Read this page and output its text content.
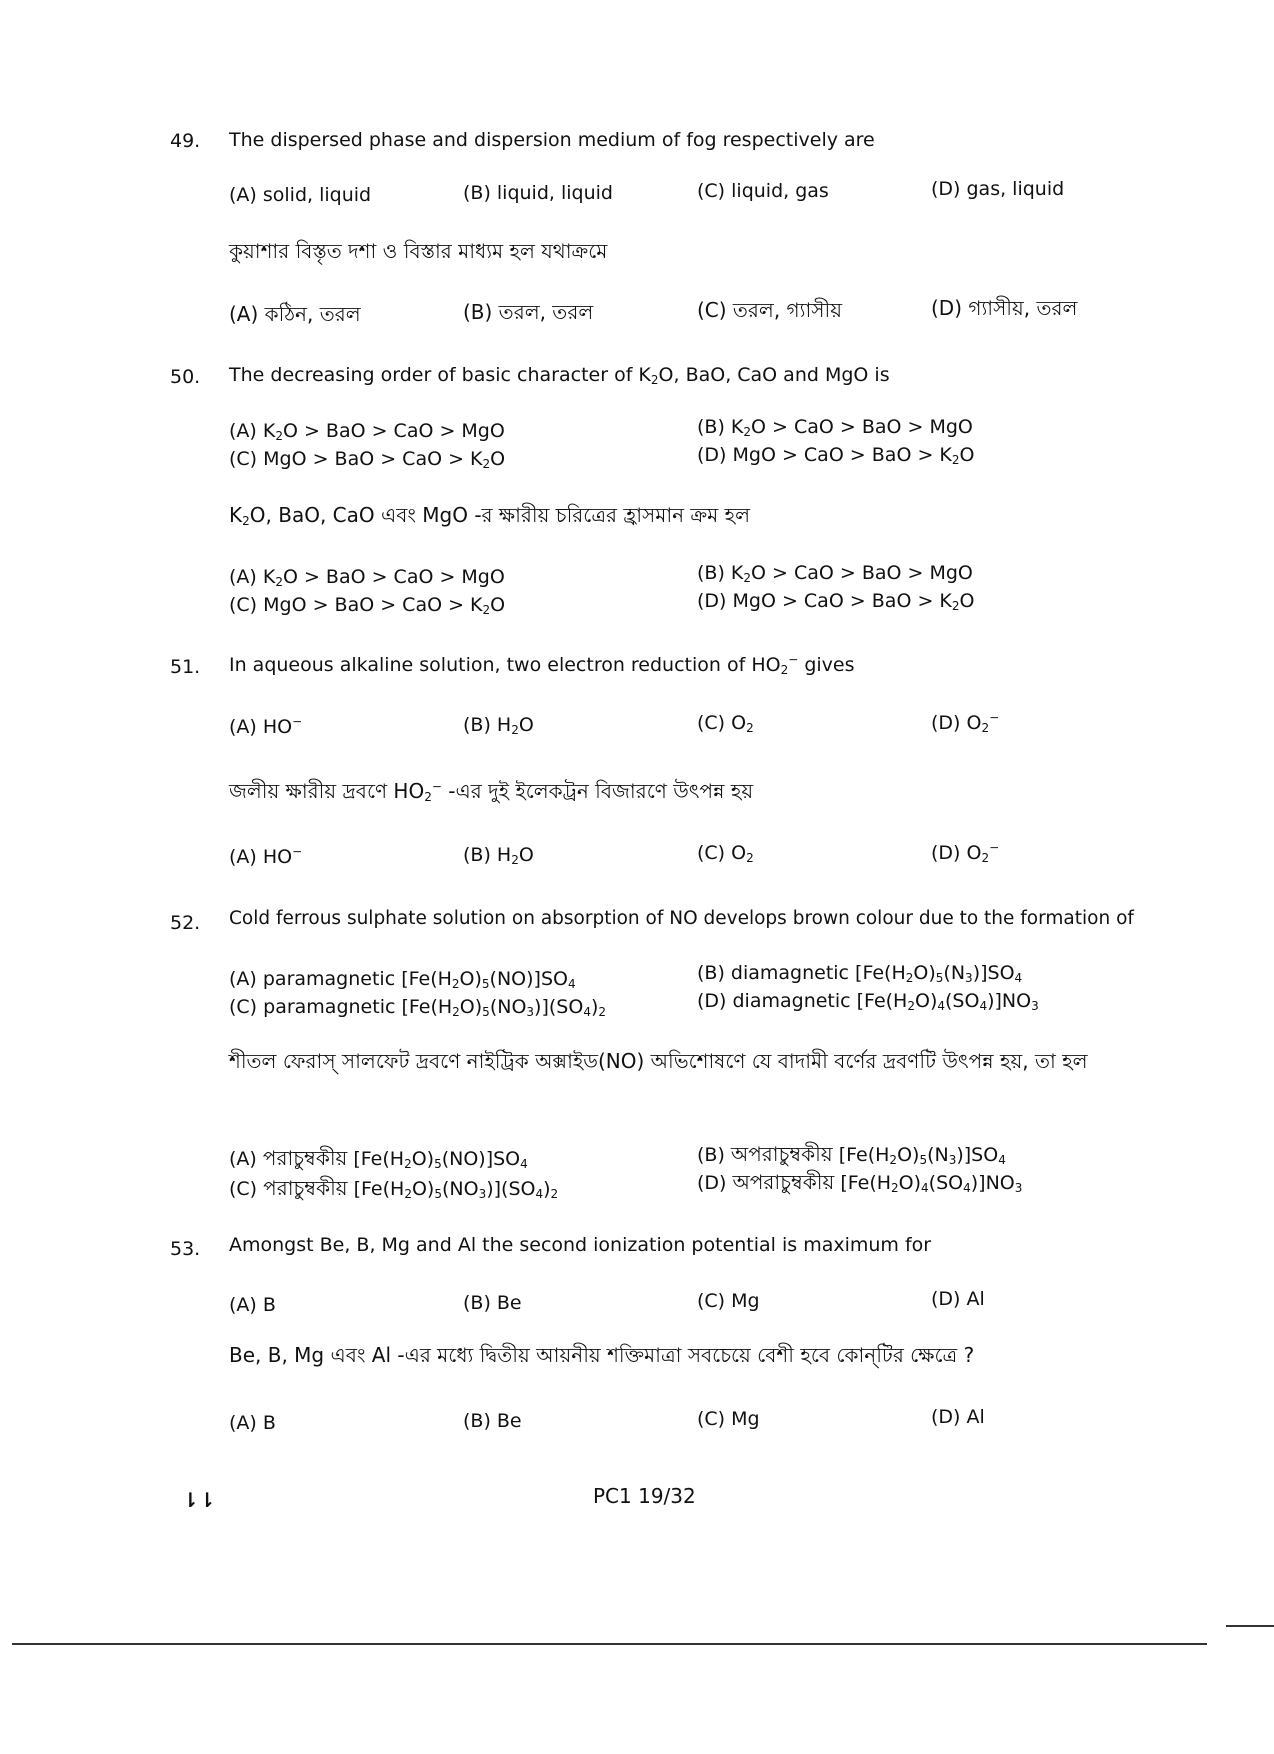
49. The dispersed phase and dispersion medium of fog respectively are
(A) solid, liquid	(B) liquid, liquid	(C) liquid, gas	(D) gas, liquid
কুয়াশার বিস্তৃত দশা ও বিস্তার মাধ্যম হল যথাক্রমে
(A) কঠিন, তরল	(B) তরল, তরল	(C) তরল, গ্যাসীয়	(D) গ্যাসীয়, তরল
50. The decreasing order of basic character of $K_2O$, BaO, CaO and MgO is
(A) $K_2O$ > BaO > CaO > MgO	(B) $K_2O$ > CaO > BaO > MgO
(C) MgO > BaO > CaO > $K_2O$	(D) MgO > CaO > BaO > $K_2O$
$K_2O$, BaO, CaO এবং MgO -র ক্ষারীয় চরিত্রের হ্রাসমান ক্রম হল
(A) $K_2O$ > BaO > CaO > MgO	(B) $K_2O$ > CaO > BaO > MgO
(C) MgO > BaO > CaO > $K_2O$	(D) MgO > CaO > BaO > $K_2O$
51. In aqueous alkaline solution, two electron reduction of $HO_2^-$ gives
(A) HO−	(B) $H_2O$	(C) $O_2$	(D) $O_2^-$
জলীয় ক্ষারীয় দ্রবণে $HO_2^-$ -এর দুই ইলেকট্রন বিজারণে উৎপন্ন হয়
(A) HO−	(B) $H_2O$	(C) $O_2$	(D) $O_2^-$
52. Cold ferrous sulphate solution on absorption of NO develops brown colour due to the formation of
(A) paramagnetic $[Fe(H_2O)_5(NO)]SO_4$	(B) diamagnetic $[Fe(H_2O)_5(N_3)]SO_4$
(C) paramagnetic $[Fe(H_2O)_5(NO_3)](SO_4)_2$	(D) diamagnetic $[Fe(H_2O)_4(SO_4)]NO_3$
শীতল ফেরাস্ সালফেট দ্রবণে নাইট্রিক অক্সাইড(NO) অভিশোষণে যে বাদামী বর্ণের দ্রবণটি উৎপন্ন হয়, তা হল
(A) পরাচুম্বকীয় $[Fe(H_2O)_5(NO)]SO_4$	(B) অপরাচুম্বকীয় $[Fe(H_2O)_5(N_3)]SO_4$
(C) পরাচুম্বকীয় $[Fe(H_2O)_5(NO_3)](SO_4)_2$	(D) অপরাচুম্বকীয় $[Fe(H_2O)_4(SO_4)]NO_3$
53. Amongst Be, B, Mg and Al the second ionization potential is maximum for
(A) B	(B) Be	(C) Mg	(D) Al
Be, B, Mg এবং Al -এর মধ্যে দ্বিতীয় আয়নীয় শক্তিমাত্রা সবচেয়ে বেশী হবে কোন্‌টির ক্ষেত্রে ?
(A) B	(B) Be	(C) Mg	(D) Al
⇂⇂	PC1 19/32
